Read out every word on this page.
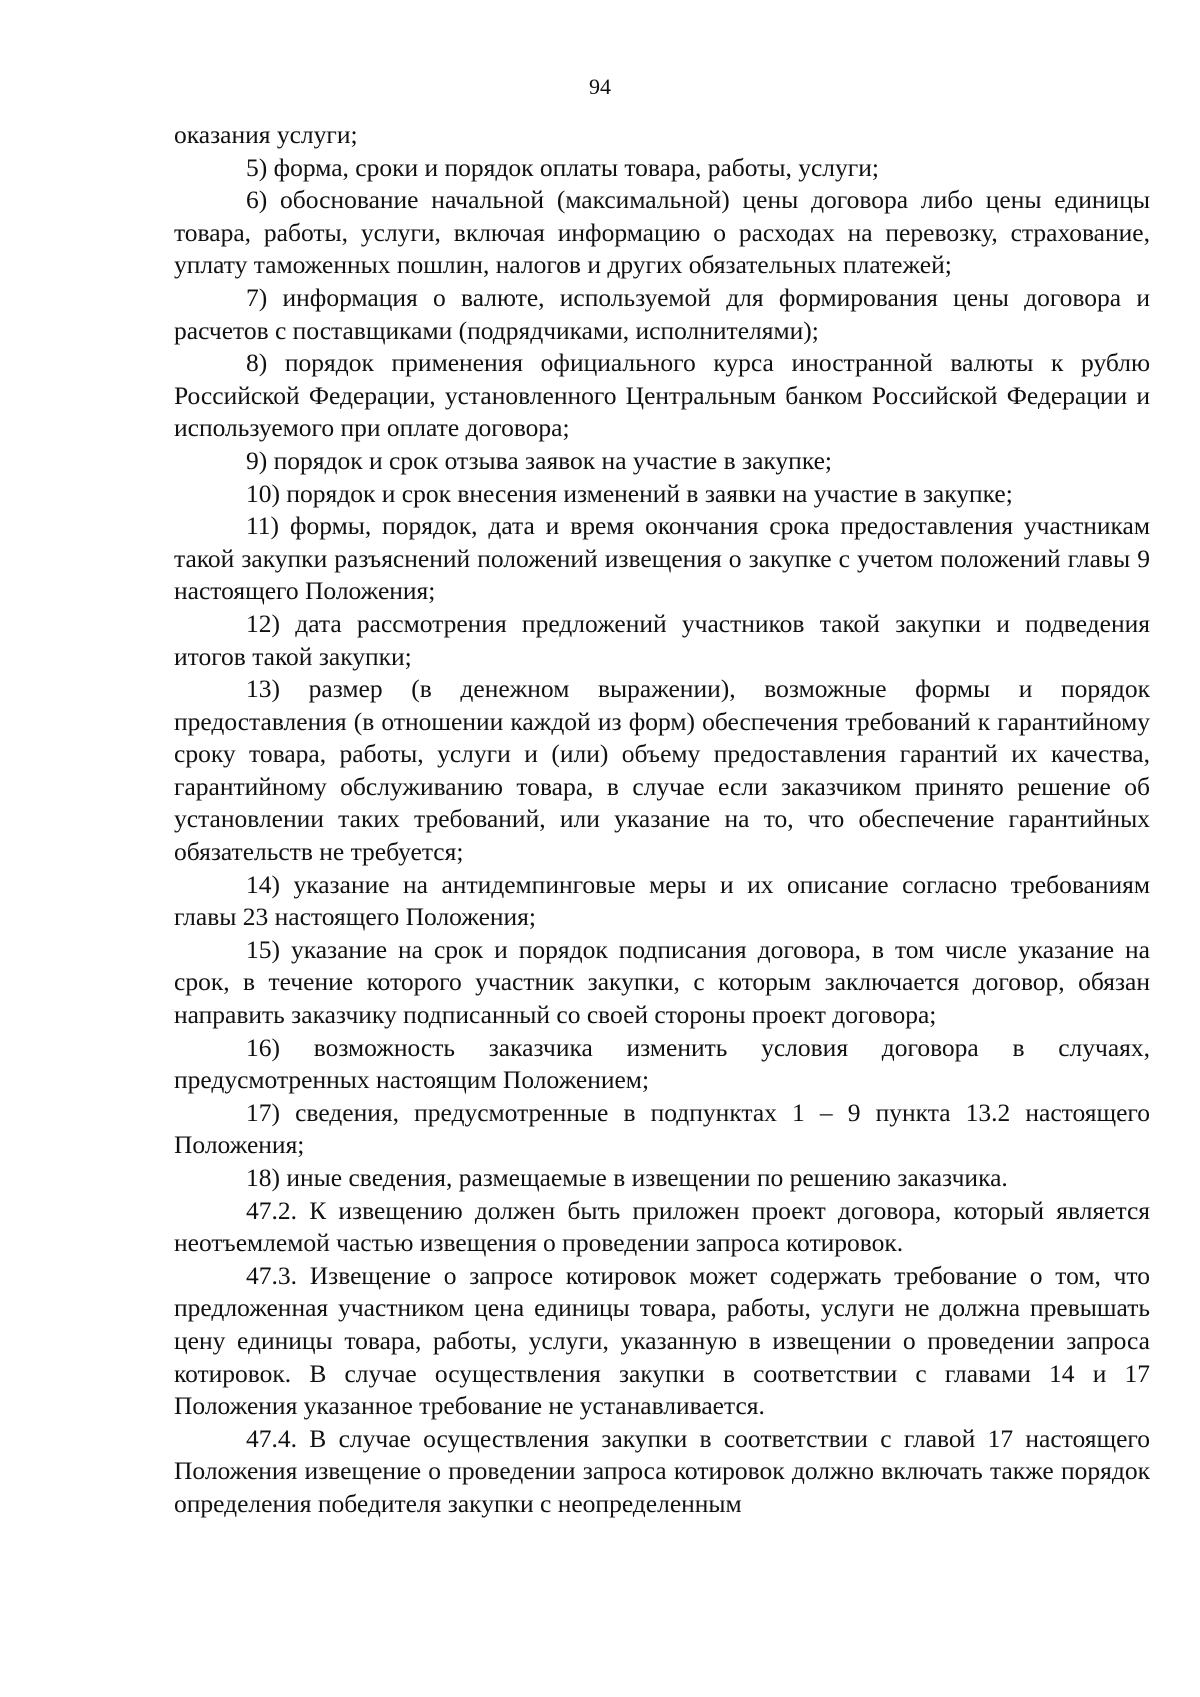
94

оказания услуги;

5) форма, сроки и порядок оплаты товара, работы, услуги;

6) обоснование начальной (максимальной) цены договора либо цены единицы товара, работы, услуги, включая информацию о расходах на перевозку, страхование, уплату таможенных пошлин, налогов и других обязательных платежей;

7) информация о валюте, используемой для формирования цены договора и расчетов с поставщиками (подрядчиками, исполнителями);

8) порядок применения официального курса иностранной валюты к рублю Российской Федерации, установленного Центральным банком Российской Федерации и используемого при оплате договора;

9) порядок и срок отзыва заявок на участие в закупке;

10) порядок и срок внесения изменений в заявки на участие в закупке;

11) формы, порядок, дата и время окончания срока предоставления участникам такой закупки разъяснений положений извещения о закупке с учетом положений главы 9 настоящего Положения;

12) дата рассмотрения предложений участников такой закупки и подведения итогов такой закупки;

13) размер (в денежном выражении), возможные формы и порядок предоставления (в отношении каждой из форм) обеспечения требований к гарантийному сроку товара, работы, услуги и (или) объему предоставления гарантий их качества, гарантийному обслуживанию товара, в случае если заказчиком принято решение об установлении таких требований, или указание на то, что обеспечение гарантийных обязательств не требуется;

14) указание на антидемпинговые меры и их описание согласно требованиям главы 23 настоящего Положения;

15) указание на срок и порядок подписания договора, в том числе указание на срок, в течение которого участник закупки, с которым заключается договор, обязан направить заказчику подписанный со своей стороны проект договора;

16) возможность заказчика изменить условия договора в случаях, предусмотренных настоящим Положением;

17) сведения, предусмотренные в подпунктах 1 – 9 пункта 13.2 настоящего Положения;

18) иные сведения, размещаемые в извещении по решению заказчика.

47.2. К извещению должен быть приложен проект договора, который является неотъемлемой частью извещения о проведении запроса котировок.

47.3. Извещение о запросе котировок может содержать требование о том, что предложенная участником цена единицы товара, работы, услуги не должна превышать цену единицы товара, работы, услуги, указанную в извещении о проведении запроса котировок. В случае осуществления закупки в соответствии с главами 14 и 17 Положения указанное требование не устанавливается.

47.4. В случае осуществления закупки в соответствии с главой 17 настоящего Положения извещение о проведении запроса котировок должно включать также порядок определения победителя закупки с неопределенным
